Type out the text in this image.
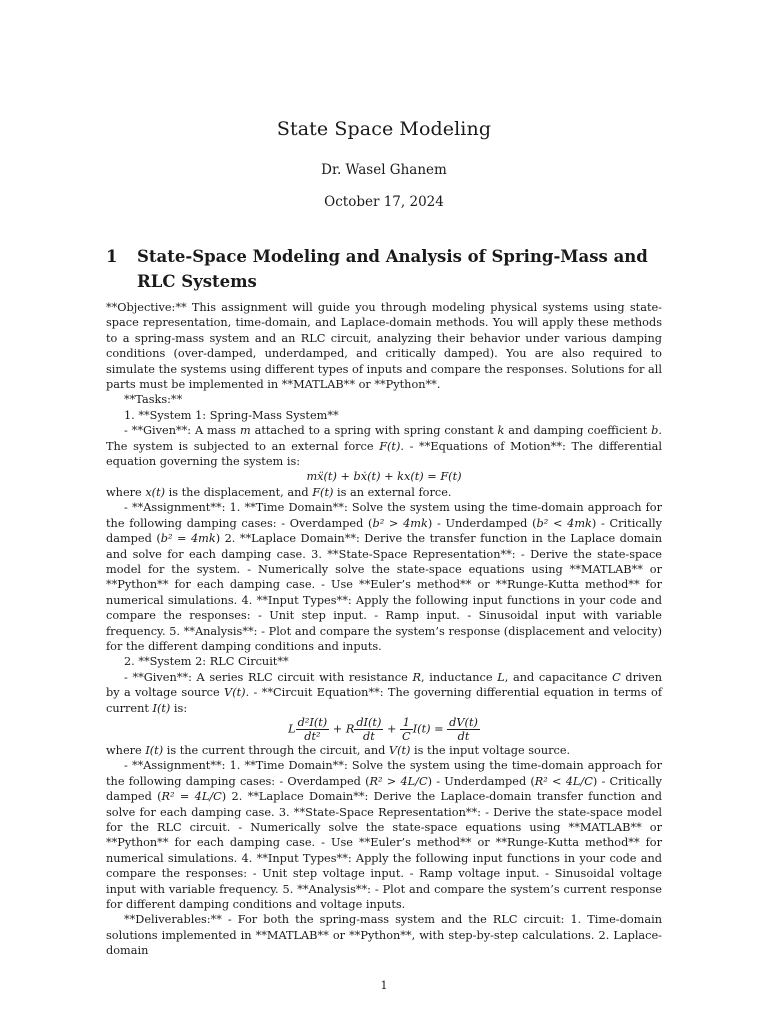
State Space Modeling
Dr. Wasel Ghanem
October 17, 2024
1 State-Space Modeling and Analysis of Spring-Mass and RLC Systems

**Objective:** This assignment will guide you through modeling physical systems using state-space representation, time-domain, and Laplace-domain methods. You will apply these methods to a spring-mass system and an RLC circuit, analyzing their behavior under various damping conditions (over-damped, underdamped, and critically damped). You are also required to simulate the systems using different types of inputs and compare the responses. Solutions for all parts must be implemented in **MATLAB** or **Python**.

**Tasks:**

1. **System 1: Spring-Mass System**

- **Given**: A mass m attached to a spring with spring constant k and damping coefficient b. The system is subjected to an external force F(t). - **Equations of Motion**: The differential equation governing the system is:

mẍ(t) + bẋ(t) + kx(t) = F(t)

where x(t) is the displacement, and F(t) is an external force.

- **Assignment**: 1. **Time Domain**: Solve the system using the time-domain approach for the following damping cases: - Overdamped (b² > 4mk) - Underdamped (b² < 4mk) - Critically damped (b² = 4mk) 2. **Laplace Domain**: Derive the transfer function in the Laplace domain and solve for each damping case. 3. **State-Space Representation**: - Derive the state-space model for the system. - Numerically solve the state-space equations using **MATLAB** or **Python** for each damping case. - Use **Euler’s method** or **Runge-Kutta method** for numerical simulations. 4. **Input Types**: Apply the following input functions in your code and compare the responses: - Unit step input. - Ramp input. - Sinusoidal input with variable frequency. 5. **Analysis**: - Plot and compare the system’s response (displacement and velocity) for the different damping conditions and inputs.

2. **System 2: RLC Circuit**

- **Given**: A series RLC circuit with resistance R, inductance L, and capacitance C driven by a voltage source V(t). - **Circuit Equation**: The governing differential equation in terms of current I(t) is:

L $\frac{\text{d²I(t)}}{\text{dt²}} + R \frac{dI(t)}{dt} + \frac{1}{C} I(t) = \frac{dV(t)}{dt}$

where I(t) is the current through the circuit, and V(t) is the input voltage source.

- **Assignment**: 1. **Time Domain**: Solve the system using the time-domain approach for the following damping cases: - Overdamped (R² > 4L/C) - Underdamped (R² < 4L/C) - Critically damped (R² = 4L/C) 2. **Laplace Domain**: Derive the Laplace-domain transfer function and solve for each damping case. 3. **State-Space Representation**: - Derive the state-space model for the RLC circuit. - Numerically solve the state-space equations using **MATLAB** or **Python** for each damping case. - Use **Euler’s method** or **Runge-Kutta method** for numerical simulations. 4. **Input Types**: Apply the following input functions in your code and compare the responses: - Unit step voltage input. - Ramp voltage input. - Sinusoidal voltage input with variable frequency. 5. **Analysis**: - Plot and compare the system’s current response for different damping conditions and voltage inputs.

**Deliverables:** - For both the spring-mass system and the RLC circuit: 1. Time-domain solutions implemented in **MATLAB** or **Python**, with step-by-step calculations. 2. Laplace-domain

1
